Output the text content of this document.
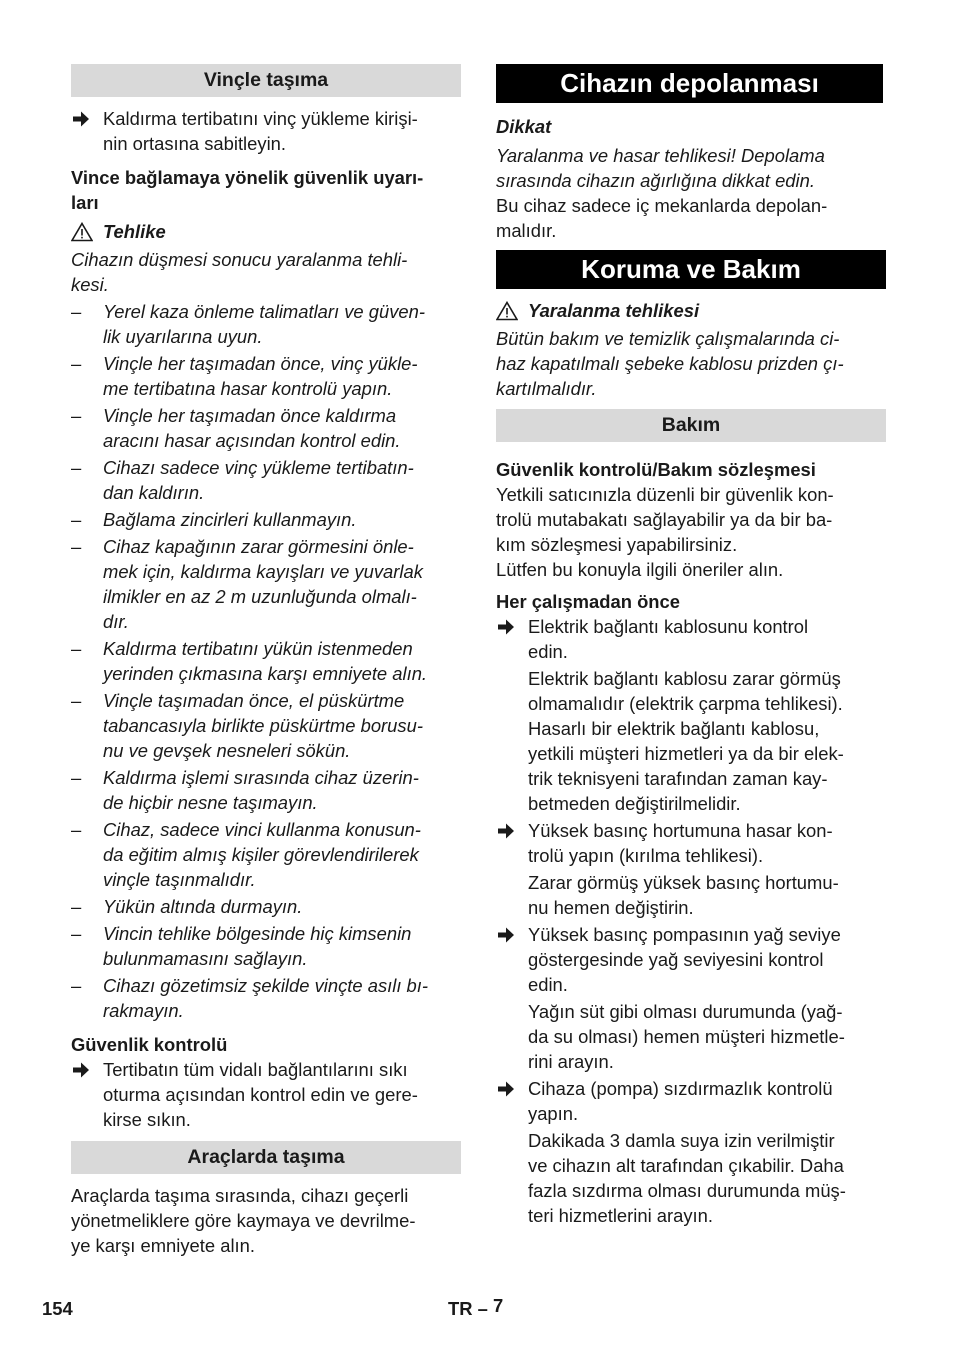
Vinçle taşıma

Kaldırma tertibatını vinç yükleme kirişi-

nin ortasına sabitleyin.

Vince bağlamaya yönelik güvenlik uyarı-

ları

Tehlike

Cihazın düşmesi sonucu yaralanma tehli-

kesi.

– Yerel kaza önleme talimatları ve güven-

lik uyarılarına uyun.

– Vinçle her taşımadan önce, vinç yükle-

me tertibatına hasar kontrolü yapın.

– Vinçle her taşımadan önce kaldırma

aracını hasar açısından kontrol edin.

– Cihazı sadece vinç yükleme tertibatın-

dan kaldırın.

– Bağlama zincirleri kullanmayın.

– Cihaz kapağının zarar görmesini önle-

mek için, kaldırma kayışları ve yuvarlak

ilmikler en az 2 m uzunluğunda olmalı-

dır.

– Kaldırma tertibatını yükün istenmeden

yerinden çıkmasına karşı emniyete alın.

– Vinçle taşımadan önce, el püskürtme

tabancasıyla birlikte püskürtme borusu-

nu ve gevşek nesneleri sökün.

– Kaldırma işlemi sırasında cihaz üzerin-

de hiçbir nesne taşımayın.

– Cihaz, sadece vinci kullanma konusun-

da eğitim almış kişiler görevlendirilerek

vinçle taşınmalıdır.

– Yükün altında durmayın.

– Vincin tehlike bölgesinde hiç kimsenin

bulunmamasını sağlayın.

– Cihazı gözetimsiz şekilde vinçte asılı bı-

rakmayın.

Güvenlik kontrolü

Tertibatın tüm vidalı bağlantılarını sıkı

oturma açısından kontrol edin ve gere-

kirse sıkın.

Araçlarda taşıma

Araçlarda taşıma sırasında, cihazı geçerli

yönetmeliklere göre kaymaya ve devrilme-

ye karşı emniyete alın.

Cihazın depolanması

Dikkat

Yaralanma ve hasar tehlikesi! Depolama

sırasında cihazın ağırlığına dikkat edin.

Bu cihaz sadece iç mekanlarda depolan-

malıdır.

Koruma ve Bakım
Yaralanma tehlikesi

Bütün bakım ve temizlik çalışmalarında ci-

haz kapatılmalı şebeke kablosu prizden çı-

kartılmalıdır.

Bakım

Güvenlik kontrolü/Bakım sözleşmesi

Yetkili satıcınızla düzenli bir güvenlik kon-

trolü mutabakatı sağlayabilir ya da bir ba-

kım sözleşmesi yapabilirsiniz.

Lütfen bu konuyla ilgili öneriler alın.

Her çalışmadan önce

Elektrik bağlantı kablosunu kontrol

edin.

Elektrik bağlantı kablosu zarar görmüş

olmamalıdır (elektrik çarpma tehlikesi).

Hasarlı bir elektrik bağlantı kablosu,

yetkili müşteri hizmetleri ya da bir elek-

trik teknisyeni tarafından zaman kay-

betmeden değiştirilmelidir.

Yüksek basınç hortumuna hasar kon-

trolü yapın (kırılma tehlikesi).

Zarar görmüş yüksek basınç hortumu-

nu hemen değiştirin.

Yüksek basınç pompasının yağ seviye

göstergesinde yağ seviyesini kontrol

edin.

Yağın süt gibi olması durumunda (yağ-

da su olması) hemen müşteri hizmetle-

rini arayın.

Cihaza (pompa) sızdırmazlık kontrolü

yapın.

Dakikada 3 damla suya izin verilmiştir

ve cihazın alt tarafından çıkabilir. Daha

fazla sızdırma olması durumunda müş-

teri hizmetlerini arayın.

154	TR – 7
